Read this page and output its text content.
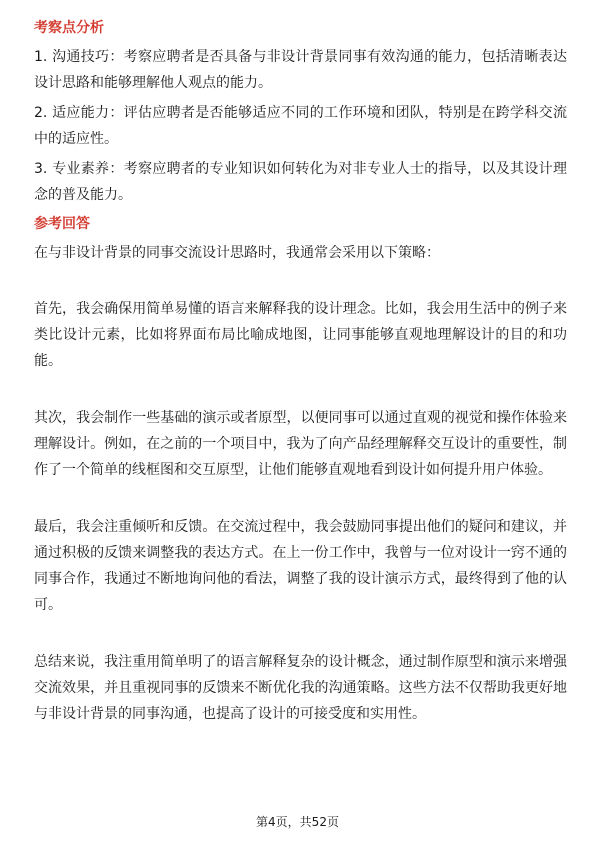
考察点分析

1. 沟通技巧：考察应聘者是否具备与非设计背景同事有效沟通的能力，包括清晰表达设计思路和能够理解他人观点的能力。

2. 适应能力：评估应聘者是否能够适应不同的工作环境和团队，特别是在跨学科交流中的适应性。

3. 专业素养：考察应聘者的专业知识如何转化为对非专业人士的指导，以及其设计理念的普及能力。

参考回答

在与非设计背景的同事交流设计思路时，我通常会采用以下策略：

首先，我会确保用简单易懂的语言来解释我的设计理念。比如，我会用生活中的例子来类比设计元素，比如将界面布局比喻成地图，让同事能够直观地理解设计的目的和功能。

其次，我会制作一些基础的演示或者原型，以便同事可以通过直观的视觉和操作体验来理解设计。例如，在之前的一个项目中，我为了向产品经理解释交互设计的重要性，制作了一个简单的线框图和交互原型，让他们能够直观地看到设计如何提升用户体验。

最后，我会注重倾听和反馈。在交流过程中，我会鼓励同事提出他们的疑问和建议，并通过积极的反馈来调整我的表达方式。在上一份工作中，我曾与一位对设计一窍不通的同事合作，我通过不断地询问他的看法，调整了我的设计演示方式，最终得到了他的认可。

总结来说，我注重用简单明了的语言解释复杂的设计概念，通过制作原型和演示来增强交流效果，并且重视同事的反馈来不断优化我的沟通策略。这些方法不仅帮助我更好地与非设计背景的同事沟通，也提高了设计的可接受度和实用性。

第4页，共52页
